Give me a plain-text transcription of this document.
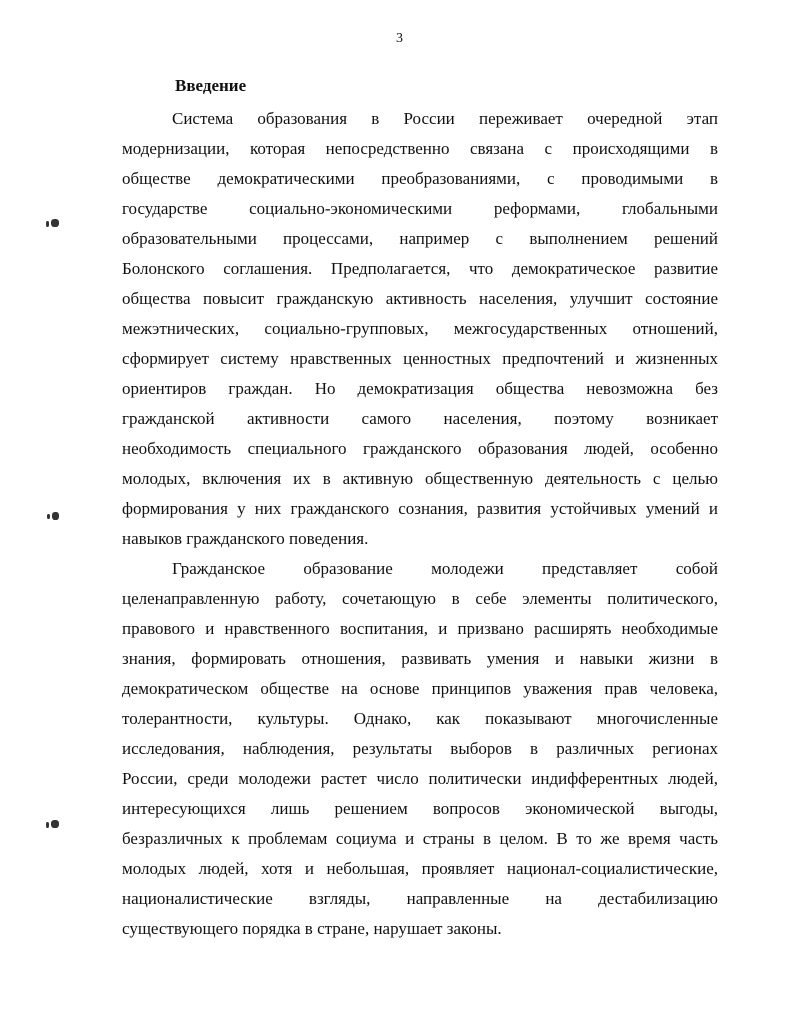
3
Введение
Система образования в России переживает очередной этап
модернизации, которая непосредственно связана с происходящими в
обществе демократическими преобразованиями, с проводимыми в
государстве социально-экономическими реформами, глобальными
образовательными процессами, например с выполнением решений
Болонского соглашения. Предполагается, что демократическое развитие
общества повысит гражданскую активность населения, улучшит состояние
межэтнических, социально-групповых, межгосударственных отношений,
сформирует систему нравственных ценностных предпочтений и жизненных
ориентиров граждан. Но демократизация общества невозможна без
гражданской активности самого населения, поэтому возникает
необходимость специального гражданского образования людей, особенно
молодых, включения их в активную общественную деятельность с целью
формирования у них гражданского сознания, развития устойчивых умений и
навыков гражданского поведения.
Гражданское образование молодежи представляет собой
целенаправленную работу, сочетающую в себе элементы политического,
правового и нравственного воспитания, и призвано расширять необходимые
знания, формировать отношения, развивать умения и навыки жизни в
демократическом обществе на основе принципов уважения прав человека,
толерантности, культуры. Однако, как показывают многочисленные
исследования, наблюдения, результаты выборов в различных регионах
России, среди молодежи растет число политически индифферентных людей,
интересующихся лишь решением вопросов экономической выгоды,
безразличных к проблемам социума и страны в целом. В то же время часть
молодых людей, хотя и небольшая, проявляет национал-социалистические,
националистические взгляды, направленные на дестабилизацию
существующего порядка в стране, нарушает законы.
